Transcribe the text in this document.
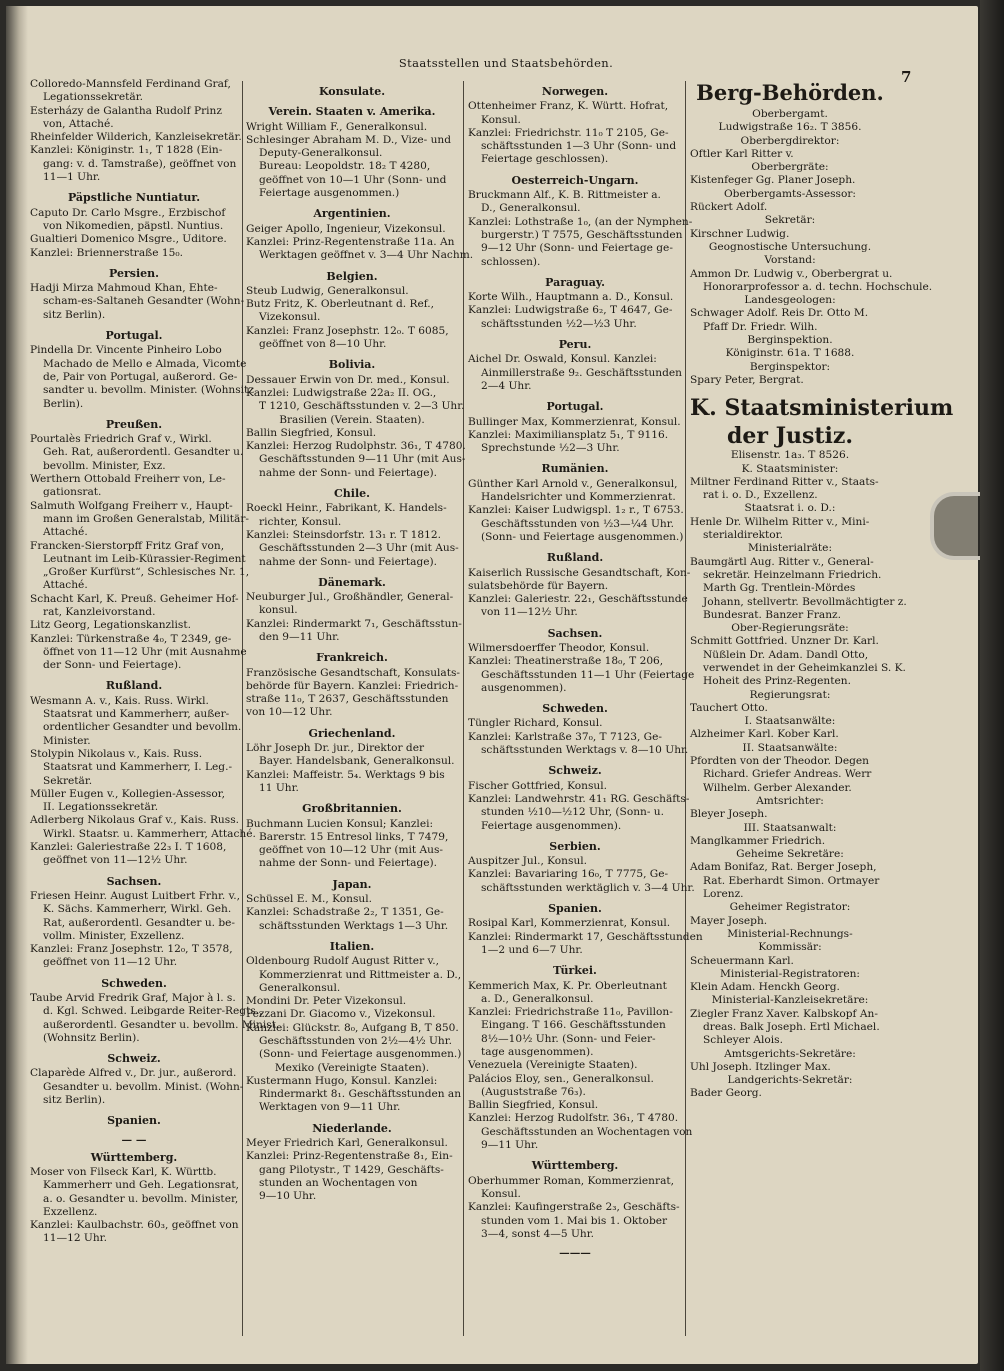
Staatsstellen und Staatsbehörden.
7
Colloredo-Mannsfeld Ferdinand Graf,
Legationssekretär.
Esterházy de Galantha Rudolf Prinz
von, Attaché.
Rheinfelder Wilderich, Kanzleisekretär.
Kanzlei: Königinstr. 1₁, T 1828 (Ein-
gang: v. d. Tamstraße), geöffnet von
11—1 Uhr.
Päpstliche Nuntiatur.
Caputo Dr. Carlo Msgre., Erzbischof
von Nikomedien, päpstl. Nuntius.
Gualtieri Domenico Msgre., Uditore.
Kanzlei: Briennerstraße 15₀.
Persien.
Hadji Mirza Mahmoud Khan, Ehte-
scham-es-Saltaneh Gesandter (Wohn-
sitz Berlin).
Portugal.
Pindella Dr. Vincente Pinheiro Lobo
Machado de Mello e Almada, Vicomte
de, Pair von Portugal, außerord. Ge-
sandter u. bevollm. Minister. (Wohnsitz
Berlin).
Preußen.
Pourtalès Friedrich Graf v., Wirkl.
Geh. Rat, außerordentl. Gesandter u.
bevollm. Minister, Exz.
Werthern Ottobald Freiherr von, Le-
gationsrat.
Salmuth Wolfgang Freiherr v., Haupt-
mann im Großen Generalstab, Militär-
Attaché.
Francken-Sierstorpff Fritz Graf von,
Leutnant im Leib-Kürassier-Regiment
„Großer Kurfürst“, Schlesisches Nr. 1,
Attaché.
Schacht Karl, K. Preuß. Geheimer Hof-
rat, Kanzleivorstand.
Litz Georg, Legationskanzlist.
Kanzlei: Türkenstraße 4₀, T 2349, ge-
öffnet von 11—12 Uhr (mit Ausnahme
der Sonn- und Feiertage).
Rußland.
Wesmann A. v., Kais. Russ. Wirkl.
Staatsrat und Kammerherr, außer-
ordentlicher Gesandter und bevollm.
Minister.
Stolypin Nikolaus v., Kais. Russ.
Staatsrat und Kammerherr, I. Leg.-
Sekretär.
Müller Eugen v., Kollegien-Assessor,
II. Legationssekretär.
Adlerberg Nikolaus Graf v., Kais. Russ.
Wirkl. Staatsr. u. Kammerherr, Attaché.
Kanzlei: Galeriestraße 22₃ I. T 1608,
geöffnet von 11—12½ Uhr.
Sachsen.
Friesen Heinr. August Luitbert Frhr. v.,
K. Sächs. Kammerherr, Wirkl. Geh.
Rat, außerordentl. Gesandter u. be-
vollm. Minister, Exzellenz.
Kanzlei: Franz Josephstr. 12₀, T 3578,
geöffnet von 11—12 Uhr.
Schweden.
Taube Arvid Fredrik Graf, Major à l. s.
d. Kgl. Schwed. Leibgarde Reiter-Regts.,
außerordentl. Gesandter u. bevollm. Minist.
(Wohnsitz Berlin).
Schweiz.
Claparède Alfred v., Dr. jur., außerord.
Gesandter u. bevollm. Minist. (Wohn-
sitz Berlin).
Spanien.
— —
Württemberg.
Moser von Filseck Karl, K. Württb.
Kammerherr und Geh. Legationsrat,
a. o. Gesandter u. bevollm. Minister,
Exzellenz.
Kanzlei: Kaulbachstr. 60₃, geöffnet von
11—12 Uhr.
Konsulate.
Verein. Staaten v. Amerika.
Wright William F., Generalkonsul.
Schlesinger Abraham M. D., Vize- und
Deputy-Generalkonsul.
Bureau: Leopoldstr. 18₂ T 4280,
geöffnet von 10—1 Uhr (Sonn- und
Feiertage ausgenommen.)
Argentinien.
Geiger Apollo, Ingenieur, Vizekonsul.
Kanzlei: Prinz-Regentenstraße 11a. An
Werktagen geöffnet v. 3—4 Uhr Nachm.
Belgien.
Steub Ludwig, Generalkonsul.
Butz Fritz, K. Oberleutnant d. Ref.,
Vizekonsul.
Kanzlei: Franz Josephstr. 12₀. T 6085,
geöffnet von 8—10 Uhr.
Bolivia.
Dessauer Erwin von Dr. med., Konsul.
Kanzlei: Ludwigstraße 22a₂ II. OG.,
T 1210, Geschäftsstunden v. 2—3 Uhr.
Brasilien (Verein. Staaten).
Ballin Siegfried, Konsul.
Kanzlei: Herzog Rudolphstr. 36₁, T 4780.
Geschäftsstunden 9—11 Uhr (mit Aus-
nahme der Sonn- und Feiertage).
Chile.
Roeckl Heinr., Fabrikant, K. Handels-
richter, Konsul.
Kanzlei: Steinsdorfstr. 13₁ r. T 1812.
Geschäftsstunden 2—3 Uhr (mit Aus-
nahme der Sonn- und Feiertage).
Dänemark.
Neuburger Jul., Großhändler, General-
konsul.
Kanzlei: Rindermarkt 7₁, Geschäftsstun-
den 9—11 Uhr.
Frankreich.
Französische Gesandtschaft, Konsulats-
behörde für Bayern. Kanzlei: Friedrich-
straße 11₀, T 2637, Geschäftsstunden
von 10—12 Uhr.
Griechenland.
Löhr Joseph Dr. jur., Direktor der
Bayer. Handelsbank, Generalkonsul.
Kanzlei: Maffeistr. 5₄. Werktags 9 bis
11 Uhr.
Großbritannien.
Buchmann Lucien Konsul; Kanzlei:
Barerstr. 15 Entresol links, T 7479,
geöffnet von 10—12 Uhr (mit Aus-
nahme der Sonn- und Feiertage).
Japan.
Schüssel E. M., Konsul.
Kanzlei: Schadstraße 2₂, T 1351, Ge-
schäftsstunden Werktags 1—3 Uhr.
Italien.
Oldenbourg Rudolf August Ritter v.,
Kommerzienrat und Rittmeister a. D.,
Generalkonsul.
Mondini Dr. Peter Vizekonsul.
Pezzani Dr. Giacomo v., Vizekonsul.
Kanzlei: Glückstr. 8₀, Aufgang B, T 850.
Geschäftsstunden von 2½—4½ Uhr.
(Sonn- und Feiertage ausgenommen.)
Mexiko (Vereinigte Staaten).
Kustermann Hugo, Konsul. Kanzlei:
Rindermarkt 8₁. Geschäftsstunden an
Werktagen von 9—11 Uhr.
Niederlande.
Meyer Friedrich Karl, Generalkonsul.
Kanzlei: Prinz-Regentenstraße 8₁, Ein-
gang Pilotystr., T 1429, Geschäfts-
stunden an Wochentagen von
9—10 Uhr.
Norwegen.
Ottenheimer Franz, K. Württ. Hofrat,
Konsul.
Kanzlei: Friedrichstr. 11₀ T 2105, Ge-
schäftsstunden 1—3 Uhr (Sonn- und
Feiertage geschlossen).
Oesterreich-Ungarn.
Bruckmann Alf., K. B. Rittmeister a.
D., Generalkonsul.
Kanzlei: Lothstraße 1₀, (an der Nymphen-
burgerstr.) T 7575, Geschäftsstunden
9—12 Uhr (Sonn- und Feiertage ge-
schlossen).
Paraguay.
Korte Wilh., Hauptmann a. D., Konsul.
Kanzlei: Ludwigstraße 6₂, T 4647, Ge-
schäftsstunden ½2—½3 Uhr.
Peru.
Aichel Dr. Oswald, Konsul. Kanzlei:
Ainmillerstraße 9₂. Geschäftsstunden
2—4 Uhr.
Portugal.
Bullinger Max, Kommerzienrat, Konsul.
Kanzlei: Maximiliansplatz 5₁, T 9116.
Sprechstunde ½2—3 Uhr.
Rumänien.
Günther Karl Arnold v., Generalkonsul,
Handelsrichter und Kommerzienrat.
Kanzlei: Kaiser Ludwigspl. 1₂ r., T 6753.
Geschäftsstunden von ½3—¼4 Uhr.
(Sonn- und Feiertage ausgenommen.)
Rußland.
Kaiserlich Russische Gesandtschaft, Kon-
sulatsbehörde für Bayern.
Kanzlei: Galeriestr. 22₁, Geschäftsstunde
von 11—12½ Uhr.
Sachsen.
Wilmersdoerffer Theodor, Konsul.
Kanzlei: Theatinerstraße 18₀, T 206,
Geschäftsstunden 11—1 Uhr (Feiertage
ausgenommen).
Schweden.
Tüngler Richard, Konsul.
Kanzlei: Karlstraße 37₀, T 7123, Ge-
schäftsstunden Werktags v. 8—10 Uhr.
Schweiz.
Fischer Gottfried, Konsul.
Kanzlei: Landwehrstr. 41₁ RG. Geschäfts-
stunden ½10—½12 Uhr, (Sonn- u.
Feiertage ausgenommen).
Serbien.
Auspitzer Jul., Konsul.
Kanzlei: Bavariaring 16₀, T 7775, Ge-
schäftsstunden werktäglich v. 3—4 Uhr.
Spanien.
Rosipal Karl, Kommerzienrat, Konsul.
Kanzlei: Rindermarkt 17, Geschäftsstunden
1—2 und 6—7 Uhr.
Türkei.
Kemmerich Max, K. Pr. Oberleutnant
a. D., Generalkonsul.
Kanzlei: Friedrichstraße 11₀, Pavillon-
Eingang. T 166. Geschäftsstunden
8½—10½ Uhr. (Sonn- und Feier-
tage ausgenommen).
Venezuela (Vereinigte Staaten).
Palácios Eloy, sen., Generalkonsul.
(Auguststraße 76₃).
Ballin Siegfried, Konsul.
Kanzlei: Herzog Rudolfstr. 36₁, T 4780.
Geschäftsstunden an Wochentagen von
9—11 Uhr.
Württemberg.
Oberhummer Roman, Kommerzienrat,
Konsul.
Kanzlei: Kaufingerstraße 2₃, Geschäfts-
stunden vom 1. Mai bis 1. Oktober
3—4, sonst 4—5 Uhr.
———
Berg-Behörden.
Oberbergamt.
Ludwigstraße 16₂. T 3856.
Oberbergdirektor:
Oftler Karl Ritter v.
Oberbergräte:
Kistenfeger Gg. Planer Joseph.
Oberbergamts-Assessor:
Rückert Adolf.
Sekretär:
Kirschner Ludwig.
Geognostische Untersuchung.
Vorstand:
Ammon Dr. Ludwig v., Oberbergrat u.
Honorarprofessor a. d. techn. Hochschule.
Landesgeologen:
Schwager Adolf. Reis Dr. Otto M.
Pfaff Dr. Friedr. Wilh.
Berginspektion.
Königinstr. 61a. T 1688.
Berginspektor:
Spary Peter, Bergrat.
K. Staatsministerium
der Justiz.
Elisenstr. 1a₃. T 8526.
K. Staatsminister:
Miltner Ferdinand Ritter v., Staats-
rat i. o. D., Exzellenz.
Staatsrat i. o. D.:
Henle Dr. Wilhelm Ritter v., Mini-
sterialdirektor.
Ministerialräte:
Baumgärtl Aug. Ritter v., General-
sekretär. Heinzelmann Friedrich.
Marth Gg. Trentlein-Mördes
Johann, stellvertr. Bevollmächtigter z.
Bundesrat. Banzer Franz.
Ober-Regierungsräte:
Schmitt Gottfried. Unzner Dr. Karl.
Nüßlein Dr. Adam. Dandl Otto,
verwendet in der Geheimkanzlei S. K.
Hoheit des Prinz-Regenten.
Regierungsrat:
Tauchert Otto.
I. Staatsanwälte:
Alzheimer Karl. Kober Karl.
II. Staatsanwälte:
Pfordten von der Theodor. Degen
Richard. Griefer Andreas. Werr
Wilhelm. Gerber Alexander.
Amtsrichter:
Bleyer Joseph.
III. Staatsanwalt:
Manglkammer Friedrich.
Geheime Sekretäre:
Adam Bonifaz, Rat. Berger Joseph,
Rat. Eberhardt Simon. Ortmayer
Lorenz.
Geheimer Registrator:
Mayer Joseph.
Ministerial-Rechnungs-
Kommissär:
Scheuermann Karl.
Ministerial-Registratoren:
Klein Adam. Henckh Georg.
Ministerial-Kanzleisekretäre:
Ziegler Franz Xaver. Kalbskopf An-
dreas. Balk Joseph. Ertl Michael.
Schleyer Alois.
Amtsgerichts-Sekretäre:
Uhl Joseph. Itzlinger Max.
Landgerichts-Sekretär:
Bader Georg.
